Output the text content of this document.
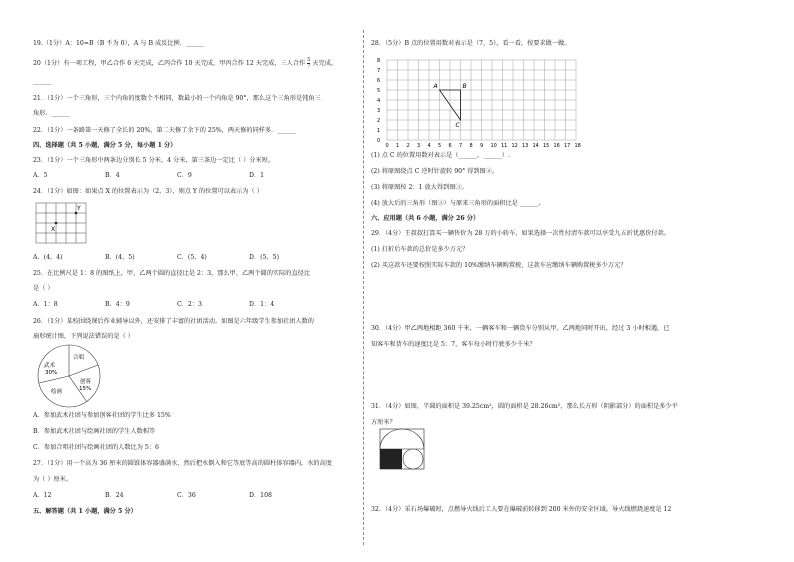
19.（1分）A：10=B（B 不为 0），A 与 B 成反比例．______
20（1分）有一项工程，甲乙合作 6 天完成，乙丙合作 10 天完成，甲丙合作 12 天完成，三人合作 $\frac{5}{7}$ 天完成。
______
21．（1分）一个三角形，三个内角的度数个不相同，数最小的一个内角是 90°，那么这个三角形是钝角三
角形．______
22．（1分）一条路第一天修了全长的 20%，第二天修了余下的 25%，两天修的同样多．______
四、选择题（共 5 小题，满分 5 分，每小题 1 分）
23．（1分）一个三角形中两条边分别长 5 分米，4 分米，第三条边一定比（ ）分米短。
A．5	B．4	C．9	D．1
24．（1分）如图：如果点 X 的位置表示为（2，3），则点 Y 的位置可以表示为（ ）
X
Y
A．(4，4)	B．(4，5)	C．(5，4)	D．(5，5)
25．在比例尺是 1：8 的图纸上，甲、乙两个圆的直径比是 2：3，那么甲、乙两个圆的实际的直径比
是（ ）
A．1：8	B．4：9	C．2：3	D．1：4
26．（1分）某校围绕课后作业辅导以外，还安排了丰富的社团活动。如图是六年级学生参加社团人数的
扇形统计图，下列说法错误的是（ ）
武术
30%
合唱
创客
15%
绘画
A．参加武术社团与参加创客社团的学生比多 15%
B．参加武术社团与绘画社团的学生人数相等
C．参加合唱社团与绘画社团的人数比为 5：6
27．（1分）用一个高为 36 厘米的圆锥体容器盛满水，然后把水倒入和它等底等高的圆柱体容器内，水的高度
为（ ）厘米。
A．12	B．24	C．36	D．108
五、解答题（共 1 小题，满分 5 分）
28．（5分）B 点的位置用数对表示是（7，5），看一看，按要求做一做。
8
7
6
5
4
3
2
1
0
0 1 2 3 4 5 6 7 8 9 10 11 12 13 14 15 16 17 18
A	B
C
(1) 点 C 的位置用数对表示是（______，______）.
(2) 将原图绕点 C 逆时针旋转 90° 得到图②。
(3) 将原图按 2：1 放大得到图③。
(4) 放大后的三角形（图③）与原来三角形的面积比是 ______。
六、应用题（共 6 小题，满分 26 分）
29．（4分）王叔叔打算买一辆售价为 28 万的小轿车，如果选择一次性付清车款可以享受九五折优惠价付款。
(1) 打折后车款的总价是多少万元？
(2) 买这款车还要按照实际车款的 10%缴纳车辆购置税，这款车应缴纳车辆购置税多少万元？
30．（4分）甲乙两地相距 360 千米，一辆客车和一辆货车分别从甲、乙两地同时开出，经过 3 小时相遇，已
知客车和货车的速度比是 5：7，客车每小时行驶多少千米？
31．（4分）如图，半圆的面积是 39.25cm²，圆的面积是 28.26cm²，那么长方形（阴影部分）的面积是多少平
方厘米？
32．（4分）采石场爆破时，点燃导火线后工人要在爆破前转移到 200 米外的安全区域。导火线燃烧速度是 12
